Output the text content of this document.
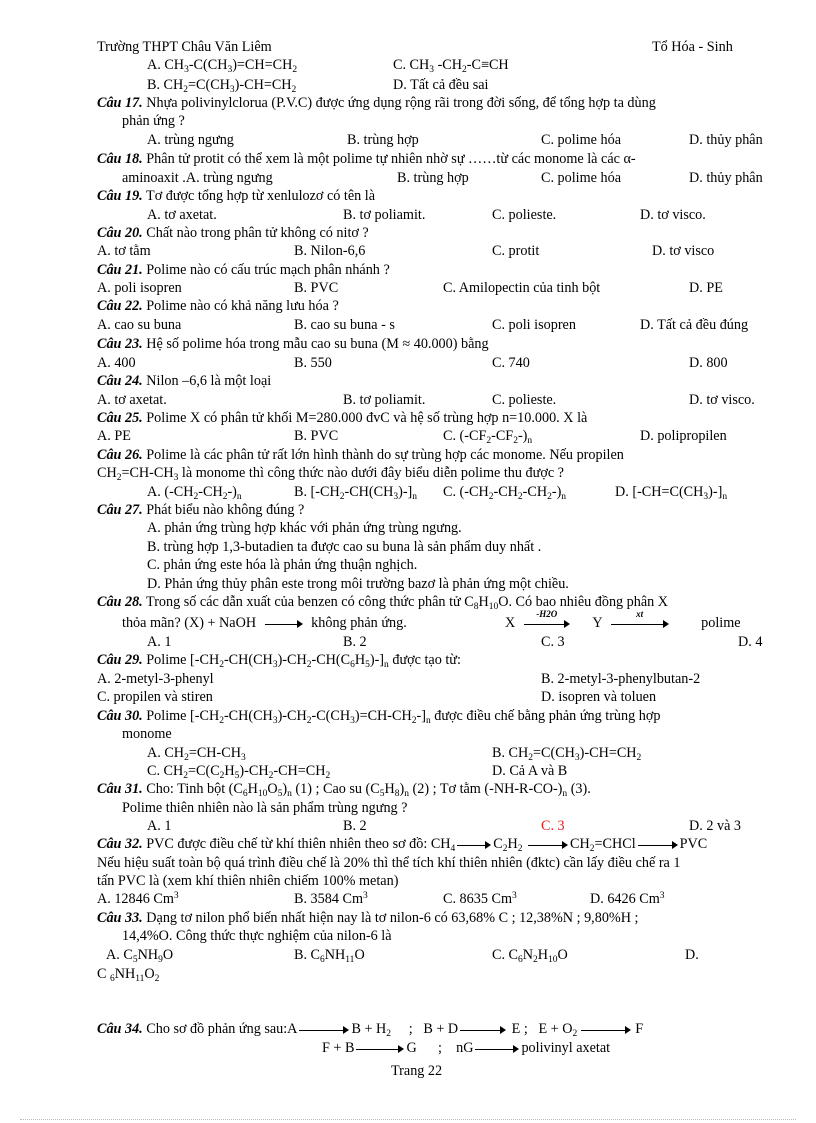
Trường THPT Châu Văn Liêm	Tổ Hóa - Sinh
A. $CH_3-C(CH_3)=CH=CH_2$	C. $CH_3$ $-CH_2-C\equiv CH$
B. $CH_2=C(CH_3)-CH=CH_2$	D. Tất cả đều sai
Câu 17. Nhựa polivinylclorua (P.V.C) được ứng dụng rộng rãi trong đời sống, để tổng hợp ta dùng
phản ứng ?
A. trùng ngưng	B. trùng hợp	C. polime hóa	D. thủy phân
Câu 18. Phân tử protit có thể xem là một polime tự nhiên nhờ sự ……từ các monome là các α-
aminoaxit .A. trùng ngưng	B. trùng hợp	C. polime hóa	D. thủy phân
Câu 19. Tơ được tổng hợp từ xenlulozơ có tên là
A. tơ axetat.	B. tơ poliamit.	C. polieste.	D. tơ visco.
Câu 20. Chất nào trong phân tử không có nitơ ?
A. tơ tằm	B. Nilon-6,6	C. protit	D. tơ visco
Câu 21. Polime nào có cấu trúc mạch phân nhánh ?
A. poli isopren	B. PVC	C. Amilopectin của tinh bột	D. PE
Câu 22. Polime nào có khả năng lưu hóa ?
A. cao su buna	B. cao su buna - s	C. poli isopren	D. Tất cả đều đúng
Câu 23. Hệ số polime hóa trong mẫu cao su buna (M ≈ 40.000) bằng
A. 400	B. 550	C. 740	D. 800
Câu 24. Nilon –6,6 là một loại
A. tơ axetat.	B. tơ poliamit.	C. polieste.	D. tơ visco.
Câu 25. Polime X có phân tử khối M=280.000 đvC và hệ số trùng hợp n=10.000. X là
A. PE	B. PVC	C. $(-CF_2-CF_2-)_n$	D. polipropilen
Câu 26. Polime là các phân tử rất lớn hình thành do sự trùng hợp các monome. Nếu propilen
$CH_2=CH-CH_3$ là monome thì công thức nào dưới đây biểu diễn polime thu được ?
A. $(-CH_2-CH_2-)_n$	B. $[-CH_2-CH(CH_3)-]_n$ C. $(-CH_2-CH_2-CH_2-)_n$	D. $[-CH=C(CH_3)-]_n$
Câu 27. Phát biểu nào không đúng ?
A. phản ứng trùng hợp khác với phản ứng trùng ngưng.
B. trùng hợp 1,3-butadien ta được cao su buna là sản phẩm duy nhất .
C. phản ứng este hóa là phản ứng thuận nghịch.
D. Phản ứng thủy phân este trong môi trường bazơ là phản ứng một chiều.
Câu 28. Trong số các dẫn xuất của benzen có công thức phân tử $C_8H_{10}O$. Có bao nhiêu đồng phân X
thỏa mãn? (X) + NaOH	không phản ứng.	X
-H2O
Y
xt
polime
A. 1	B. 2	C. 3	D. 4
Câu 29. Polime $[-CH_2-CH(CH_3)-CH_2-CH(C_6H_5)-]_n$ được tạo từ:
A. 2-metyl-3-phenyl	B. 2-metyl-3-phenylbutan-2
C. propilen và stiren	D. isopren và toluen
Câu 30. Polime $[-CH_2-CH(CH_3)-CH_2-C(CH_3)=CH-CH_2-]_n$ được điều chế bằng phản ứng trùng hợp
monome
A. $CH_2=CH-CH_3$	B. $CH_2=C(CH_3)-CH=CH_2$
C. $CH_2=C(C_2H_5)-CH_2-CH=CH_2$	D. Cả A và B
Câu 31. Cho: Tinh bột $(C_6H_{10}O_5)_n$ (1) ; Cao su $(C_5H_8)_n$ (2) ; Tơ tằm $(-NH-R-CO-)_n$ (3).
Polime thiên nhiên nào là sản phẩm trùng ngưng ?
A. 1	B. 2	C. 3	D. 2 và 3
Câu 32. PVC được điều chế từ khí thiên nhiên theo sơ đồ: $CH_4$	$C_2H_2$	$CH_2=CHCl$	PVC
Nếu hiệu suất toàn bộ quá trình điều chế là 20% thì thể tích khí thiên nhiên (đktc) cần lấy điều chế ra 1
tấn PVC là (xem khí thiên nhiên chiếm 100% metan)
A. 12846 Cm$^3$	B. 3584 Cm$^3$	C. 8635 Cm$^3$	D. 6426 Cm$^3$
Câu 33. Dạng tơ nilon phổ biến nhất hiện nay là tơ nilon-6 có 63,68% C ; 12,38%N ; 9,80%H ;
14,4%O. Công thức thực nghiệm của nilon-6 là
A. $C_5NH_9O$	B. $C_6NH_{11}O$	C. $C_6N_2H_{10}O$	D.
C $_6NH_{11}O_2$
Câu 34. Cho sơ đồ phản ứng sau:A	$B + H_2$     ;   B + D	E ;   $E + O_2$	F
F + B	G      ;    nG	polivinyl axetat
Trang 22
